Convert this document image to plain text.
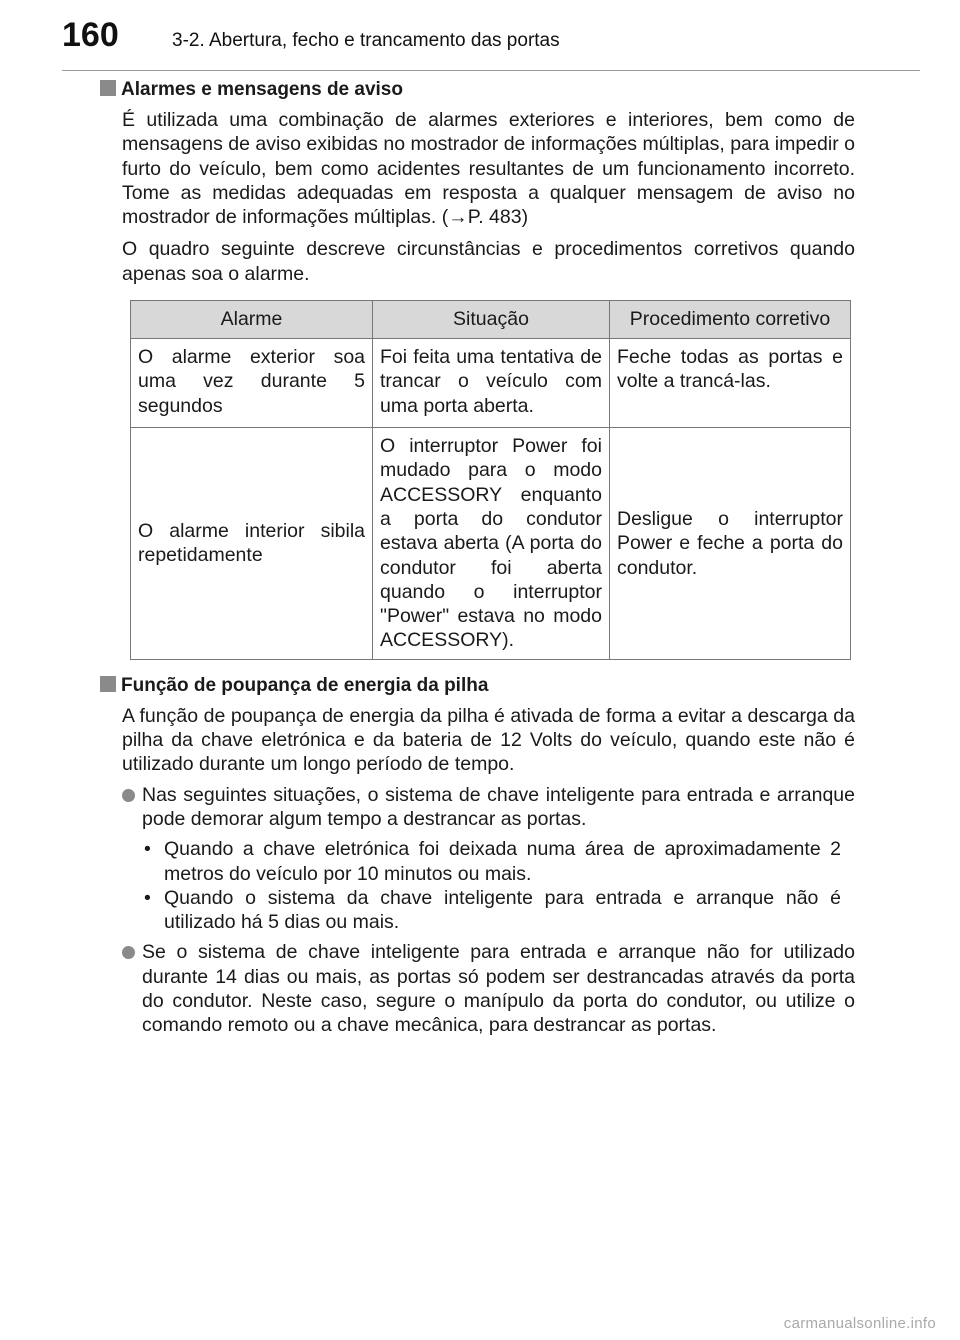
160	3-2. Abertura, fecho e trancamento das portas
Alarmes e mensagens de aviso
É utilizada uma combinação de alarmes exteriores e interiores, bem como de mensagens de aviso exibidas no mostrador de informações múltiplas, para impedir o furto do veículo, bem como acidentes resultantes de um funcionamento incorreto. Tome as medidas adequadas em resposta a qualquer mensagem de aviso no mostrador de informações múltiplas. (→P. 483)
O quadro seguinte descreve circunstâncias e procedimentos corretivos quando apenas soa o alarme.
Alarme	Situação	Procedimento corretivo
O alarme exterior soa uma vez durante 5 segundos	Foi feita uma tentativa de trancar o veículo com uma porta aberta.	Feche todas as portas e volte a trancá-las.
O alarme interior sibila repetidamente	O interruptor Power foi mudado para o modo ACCESSORY enquanto a porta do condutor estava aberta (A porta do condutor foi aberta quando o interruptor "Power" estava no modo ACCESSORY).	Desligue o interruptor Power e feche a porta do condutor.
Função de poupança de energia da pilha
A função de poupança de energia da pilha é ativada de forma a evitar a descarga da pilha da chave eletrónica e da bateria de 12 Volts do veículo, quando este não é utilizado durante um longo período de tempo.
Nas seguintes situações, o sistema de chave inteligente para entrada e arranque pode demorar algum tempo a destrancar as portas.
• Quando a chave eletrónica foi deixada numa área de aproximadamente 2 metros do veículo por 10 minutos ou mais.
• Quando o sistema da chave inteligente para entrada e arranque não é utilizado há 5 dias ou mais.
Se o sistema de chave inteligente para entrada e arranque não for utilizado durante 14 dias ou mais, as portas só podem ser destrancadas através da porta do condutor. Neste caso, segure o manípulo da porta do condutor, ou utilize o comando remoto ou a chave mecânica, para destrancar as portas.
carmanualsonline.info
